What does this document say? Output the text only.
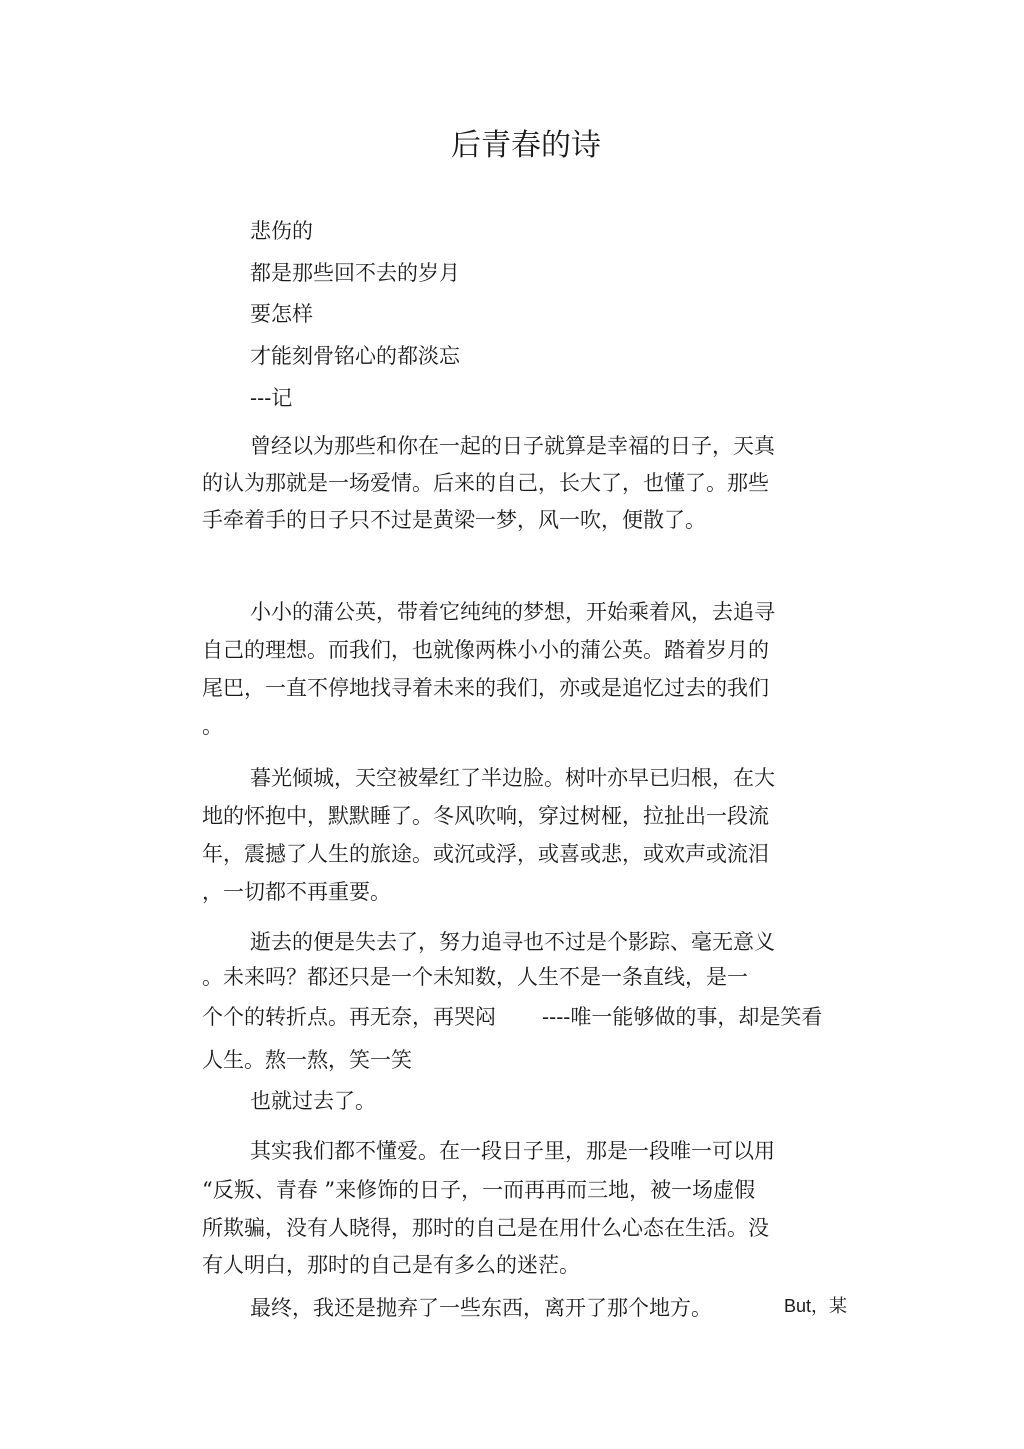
后青春的诗
悲伤的
都是那些回不去的岁月
要怎样
才能刻骨铭心的都淡忘
---记
曾经以为那些和你在一起的日子就算是幸福的日子，天真
的认为那就是一场爱情。后来的自己，长大了，也懂了。那些
手牵着手的日子只不过是黄梁一梦，风一吹，便散了。
小小的蒲公英，带着它纯纯的梦想，开始乘着风，去追寻
自己的理想。而我们，也就像两株小小的蒲公英。踏着岁月的
尾巴，一直不停地找寻着未来的我们，亦或是追忆过去的我们
。
暮光倾城，天空被晕红了半边脸。树叶亦早已归根，在大
地的怀抱中，默默睡了。冬风吹响，穿过树桠，拉扯出一段流
年，震撼了人生的旅途。或沉或浮，或喜或悲，或欢声或流泪
，一切都不再重要。
逝去的便是失去了，努力追寻也不过是个影踪、毫无意义
。未来吗？都还只是一个未知数，人生不是一条直线，是一
个个的转折点。再无奈，再哭闷 ----唯一能够做的事，却是笑看
人生。熬一熬，笑一笑
也就过去了。
其实我们都不懂爱。在一段日子里，那是一段唯一可以用
“反叛、青春 ”来修饰的日子，一而再再而三地，被一场虚假
所欺骗，没有人晓得，那时的自己是在用什么心态在生活。没
有人明白，那时的自己是有多么的迷茫。
最终，我还是抛弃了一些东西，离开了那个地方。	But，某
